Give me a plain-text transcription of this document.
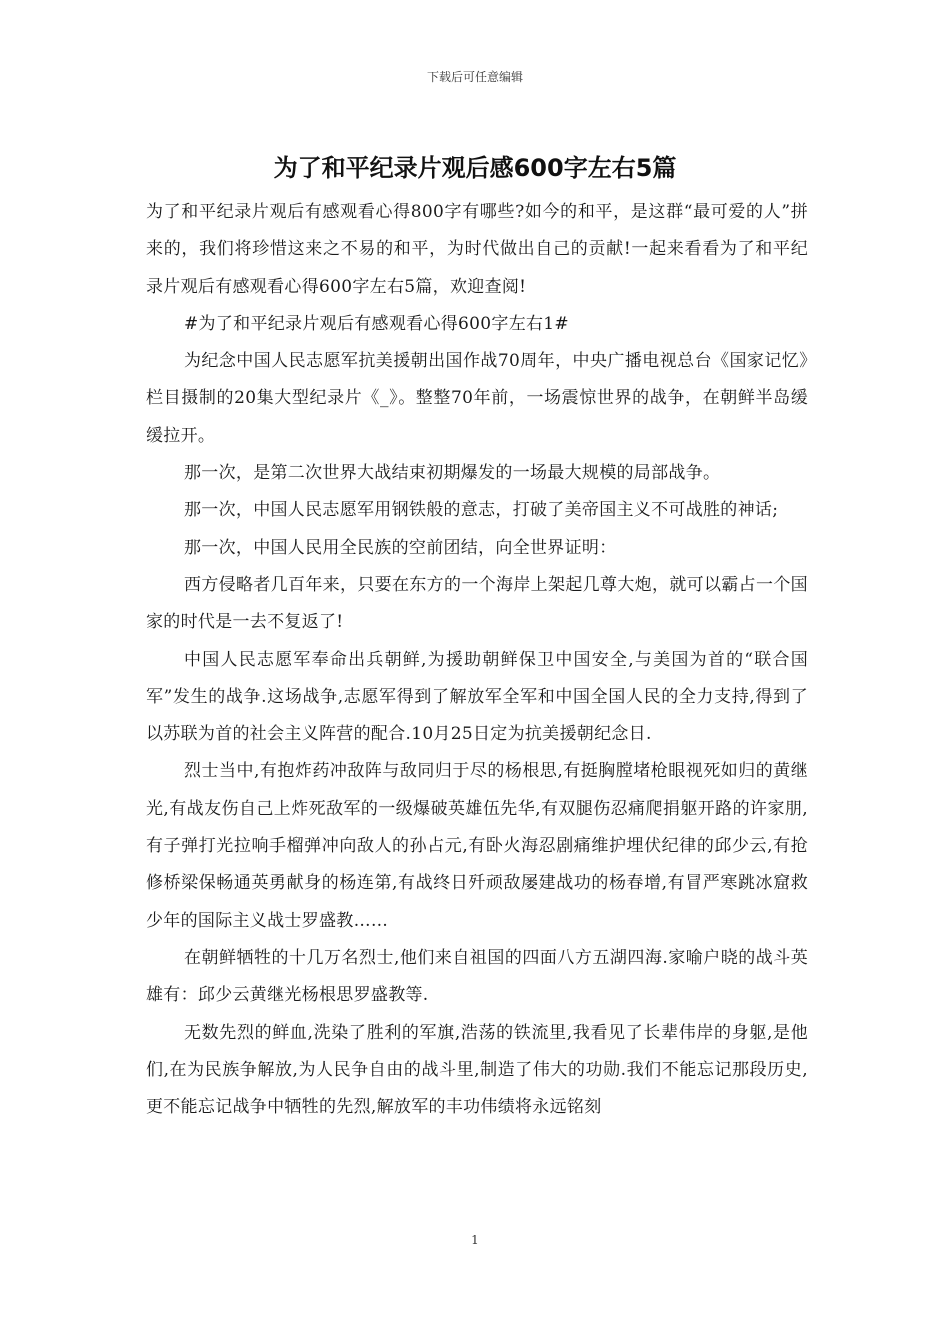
下载后可任意编辑
为了和平纪录片观后感600字左右5篇

为了和平纪录片观后有感观看心得800字有哪些?如今的和平，是这群“最可爱的人”拼来的，我们将珍惜这来之不易的和平，为时代做出自己的贡献!一起来看看为了和平纪录片观后有感观看心得600字左右5篇，欢迎查阅!

#为了和平纪录片观后有感观看心得600字左右1#

为纪念中国人民志愿军抗美援朝出国作战70周年，中央广播电视总台《国家记忆》栏目摄制的20集大型纪录片《_》。整整70年前，一场震惊世界的战争，在朝鲜半岛缓缓拉开。

那一次，是第二次世界大战结束初期爆发的一场最大规模的局部战争。

那一次，中国人民志愿军用钢铁般的意志，打破了美帝国主义不可战胜的神话;

那一次，中国人民用全民族的空前团结，向全世界证明：

西方侵略者几百年来，只要在东方的一个海岸上架起几尊大炮，就可以霸占一个国家的时代是一去不复返了!

中国人民志愿军奉命出兵朝鲜,为援助朝鲜保卫中国安全,与美国为首的“联合国军”发生的战争.这场战争,志愿军得到了解放军全军和中国全国人民的全力支持,得到了以苏联为首的社会主义阵营的配合.10月25日定为抗美援朝纪念日.

烈士当中,有抱炸药冲敌阵与敌同归于尽的杨根思,有挺胸膛堵枪眼视死如归的黄继光,有战友伤自己上炸死敌军的一级爆破英雄伍先华,有双腿伤忍痛爬捐躯开路的许家朋,有子弹打光拉响手榴弹冲向敌人的孙占元,有卧火海忍剧痛维护埋伏纪律的邱少云,有抢修桥梁保畅通英勇献身的杨连第,有战终日歼顽敌屡建战功的杨春增,有冒严寒跳冰窟救少年的国际主义战士罗盛教……

在朝鲜牺牲的十几万名烈士,他们来自祖国的四面八方五湖四海.家喻户晓的战斗英雄有：邱少云黄继光杨根思罗盛教等.

无数先烈的鲜血,洗染了胜利的军旗,浩荡的铁流里,我看见了长辈伟岸的身躯,是他们,在为民族争解放,为人民争自由的战斗里,制造了伟大的功勋.我们不能忘记那段历史,更不能忘记战争中牺牲的先烈,解放军的丰功伟绩将永远铭刻

1
